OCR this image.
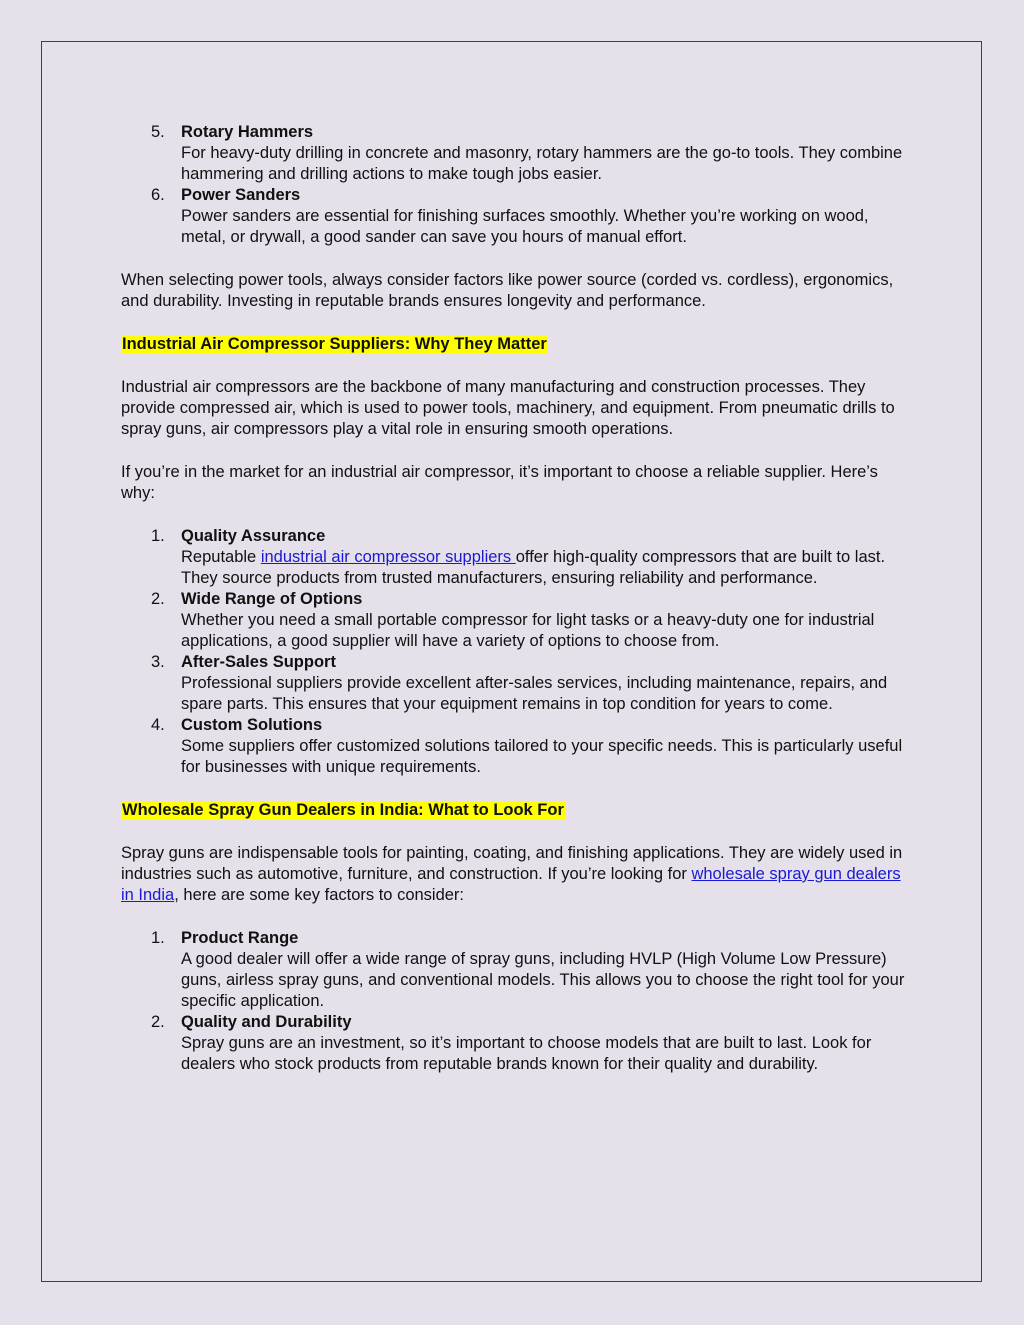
5. Rotary Hammers
For heavy-duty drilling in concrete and masonry, rotary hammers are the go-to tools. They combine hammering and drilling actions to make tough jobs easier.
6. Power Sanders
Power sanders are essential for finishing surfaces smoothly. Whether you’re working on wood, metal, or drywall, a good sander can save you hours of manual effort.

When selecting power tools, always consider factors like power source (corded vs. cordless), ergonomics, and durability. Investing in reputable brands ensures longevity and performance.

Industrial Air Compressor Suppliers: Why They Matter

Industrial air compressors are the backbone of many manufacturing and construction processes. They provide compressed air, which is used to power tools, machinery, and equipment. From pneumatic drills to spray guns, air compressors play a vital role in ensuring smooth operations.

If you’re in the market for an industrial air compressor, it’s important to choose a reliable supplier. Here’s why:

1. Quality Assurance
Reputable industrial air compressor suppliers offer high-quality compressors that are built to last. They source products from trusted manufacturers, ensuring reliability and performance.
2. Wide Range of Options
Whether you need a small portable compressor for light tasks or a heavy-duty one for industrial applications, a good supplier will have a variety of options to choose from.
3. After-Sales Support
Professional suppliers provide excellent after-sales services, including maintenance, repairs, and spare parts. This ensures that your equipment remains in top condition for years to come.
4. Custom Solutions
Some suppliers offer customized solutions tailored to your specific needs. This is particularly useful for businesses with unique requirements.

Wholesale Spray Gun Dealers in India: What to Look For

Spray guns are indispensable tools for painting, coating, and finishing applications. They are widely used in industries such as automotive, furniture, and construction. If you’re looking for wholesale spray gun dealers in India, here are some key factors to consider:

1. Product Range
A good dealer will offer a wide range of spray guns, including HVLP (High Volume Low Pressure) guns, airless spray guns, and conventional models. This allows you to choose the right tool for your specific application.
2. Quality and Durability
Spray guns are an investment, so it’s important to choose models that are built to last. Look for dealers who stock products from reputable brands known for their quality and durability.
